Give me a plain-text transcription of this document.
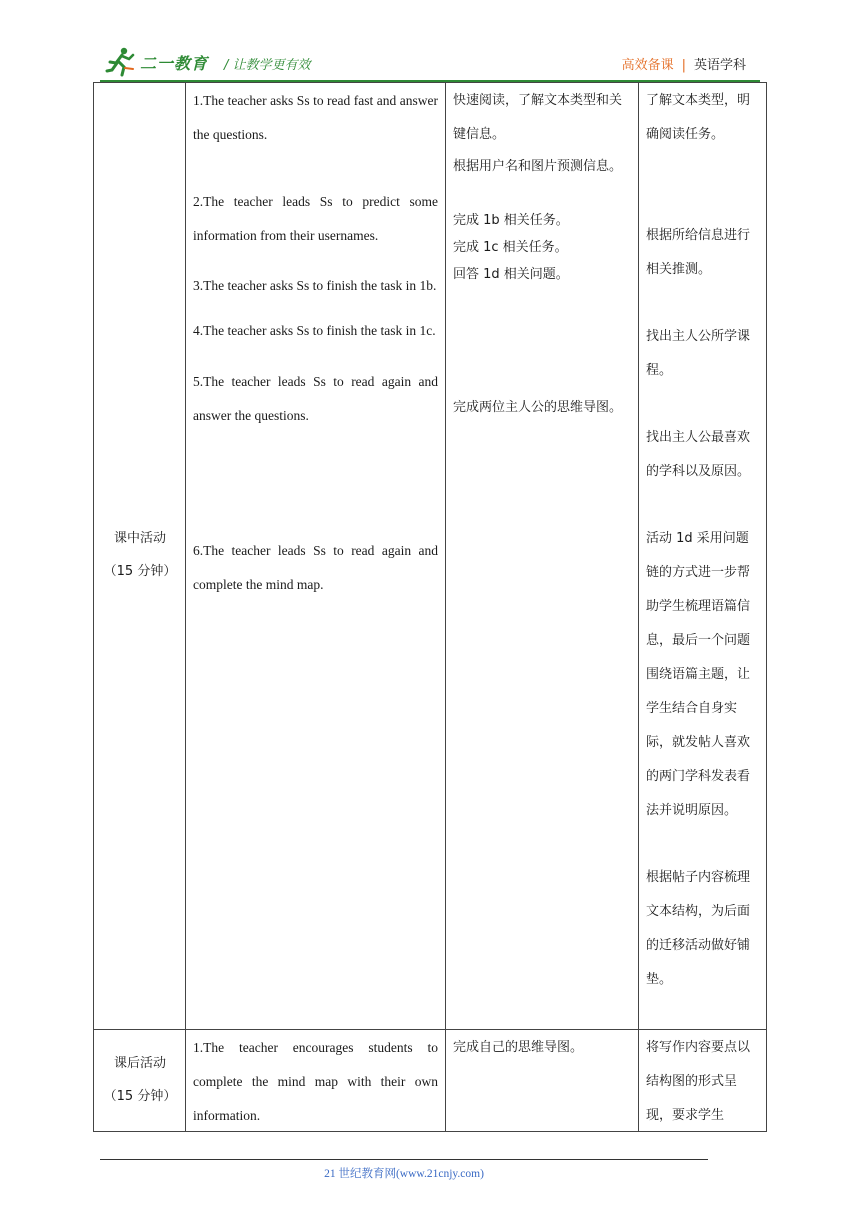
二一教育 / 让教学更有效	高效备课 | 英语学科
课中活动
（15 分钟）
1.The teacher asks Ss to read fast and answer the questions.
2.The teacher leads Ss to predict some information from their usernames.
3.The teacher asks Ss to finish the task in 1b.
4.The teacher asks Ss to finish the task in 1c.
5.The teacher leads Ss to read again and answer the questions.
6.The teacher leads Ss to read again and complete the mind map.
快速阅读，了解文本类型和关键信息。
根据用户名和图片预测信息。
完成 1b 相关任务。
完成 1c 相关任务。
回答 1d 相关问题。
完成两位主人公的思维导图。
了解文本类型，明确阅读任务。
根据所给信息进行相关推测。
找出主人公所学课程。
找出主人公最喜欢的学科以及原因。
活动 1d 采用问题链的方式进一步帮助学生梳理语篇信息，最后一个问题围绕语篇主题，让学生结合自身实际，就发帖人喜欢的两门学科发表看法并说明原因。
根据帖子内容梳理文本结构，为后面的迁移活动做好铺垫。
课后活动
（15 分钟）
1.The teacher encourages students to complete the mind map with their own information.
完成自己的思维导图。	将写作内容要点以结构图的形式呈现，要求学生
21 世纪教育网(www.21cnjy.com)
